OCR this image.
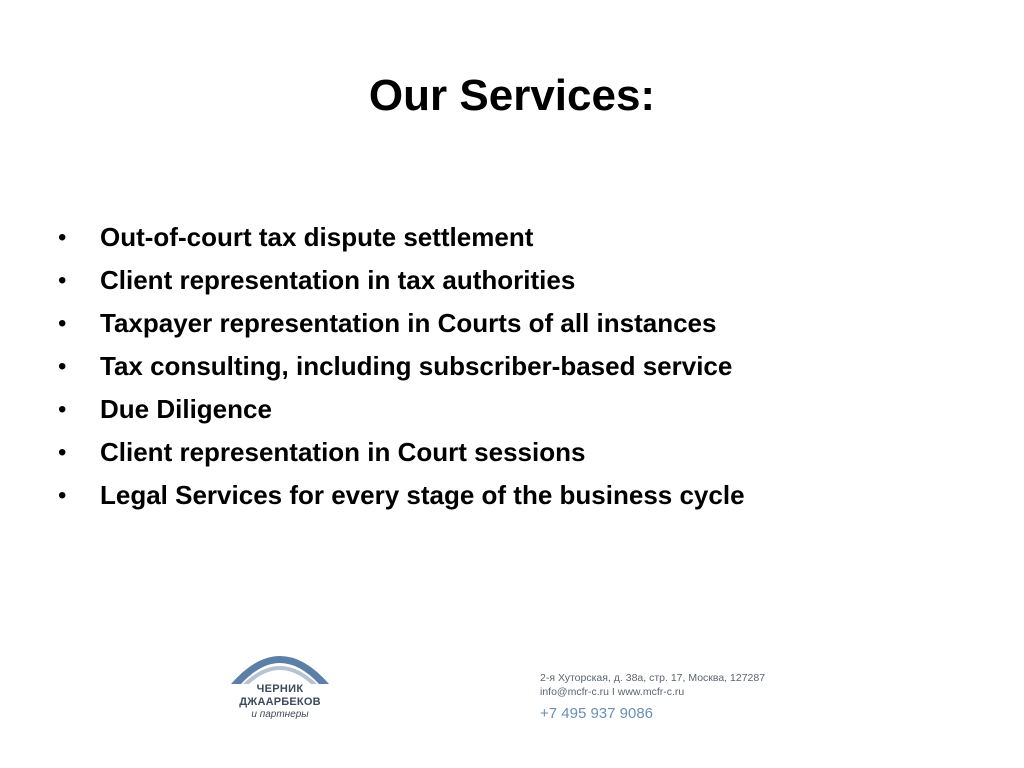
Our Services:
• Out-of-court tax dispute settlement
• Client representation in tax authorities
• Taxpayer representation in Courts of all instances
• Tax consulting, including subscriber-based service
• Due Diligence
• Client representation in Court sessions
• Legal Services for every stage of the business cycle
ЧЕРНИК
ДЖААРБЕКОВ
и партнеры
2-я Хуторская, д. 38а, стр. 17, Москва, 127287
info@mcfr-c.ru I www.mcfr-c.ru
+7 495 937 9086
